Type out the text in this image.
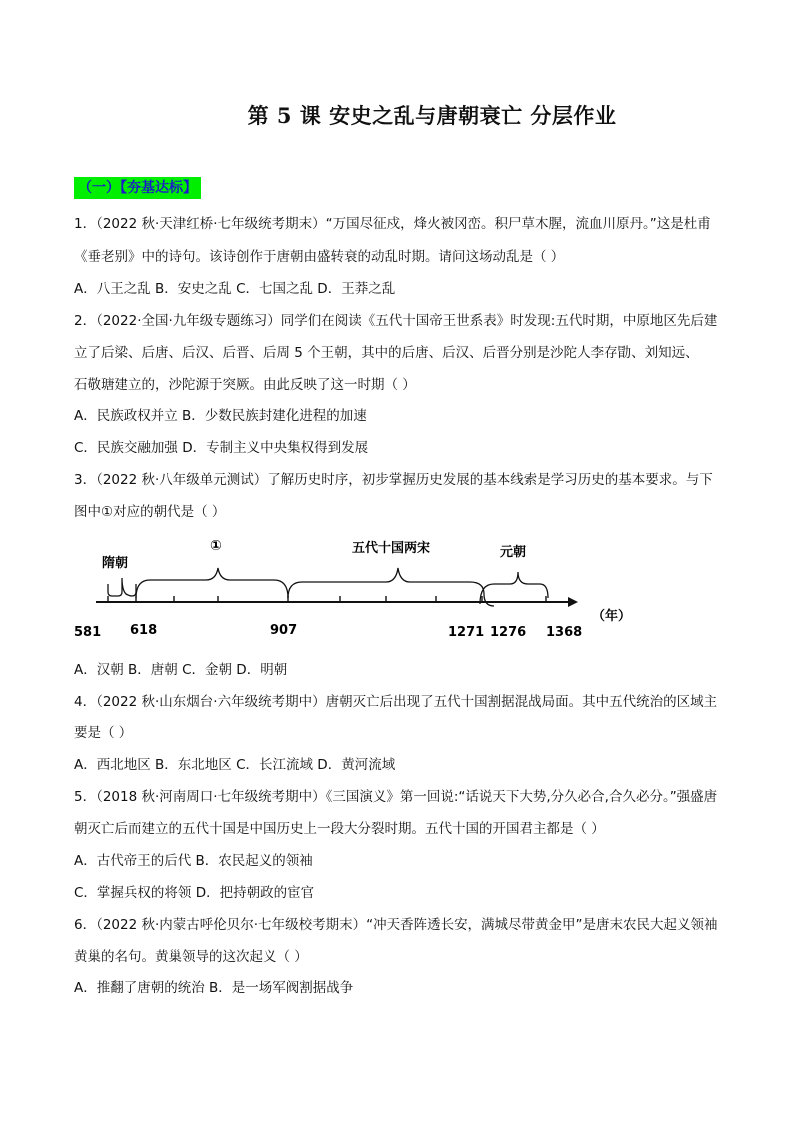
第 5 课 安史之乱与唐朝衰亡 分层作业
（一）【夯基达标】
1．（2022 秋·天津红桥·七年级统考期末）“万国尽征戍，烽火被冈峦。积尸草木腥，流血川原丹。”这是杜甫
《垂老别》中的诗句。该诗创作于唐朝由盛转衰的动乱时期。请问这场动乱是（ ）
A．八王之乱 B．安史之乱 C．七国之乱 D．王莽之乱
2．（2022·全国·九年级专题练习）同学们在阅读《五代十国帝王世系表》时发现:五代时期，中原地区先后建
立了后梁、后唐、后汉、后晋、后周 5 个王朝，其中的后唐、后汉、后晋分别是沙陀人李存勖、刘知远、
石敬瑭建立的，沙陀源于突厥。由此反映了这一时期（ ）
A．民族政权并立 B．少数民族封建化进程的加速
C．民族交融加强 D．专制主义中央集权得到发展
3．（2022 秋·八年级单元测试）了解历史时序，初步掌握历史发展的基本线索是学习历史的基本要求。与下
图中①对应的朝代是（ ）
隋朝
①	五代十国两宋	元朝
（年）
581 618	907	1271 1276 1368
A．汉朝 B．唐朝 C．金朝 D．明朝
4．（2022 秋·山东烟台·六年级统考期中）唐朝灭亡后出现了五代十国割据混战局面。其中五代统治的区域主
要是（ ）
A．西北地区 B．东北地区 C．长江流域 D．黄河流域
5．（2018 秋·河南周口·七年级统考期中）《三国演义》第一回说:“话说天下大势,分久必合,合久必分。”强盛唐
朝灭亡后而建立的五代十国是中国历史上一段大分裂时期。五代十国的开国君主都是（ ）
A．古代帝王的后代 B．农民起义的领袖
C．掌握兵权的将领 D．把持朝政的宦官
6．（2022 秋·内蒙古呼伦贝尔·七年级校考期末）“冲天香阵透长安，满城尽带黄金甲”是唐末农民大起义领袖
黄巢的名句。黄巢领导的这次起义（ ）
A．推翻了唐朝的统治 B．是一场军阀割据战争
